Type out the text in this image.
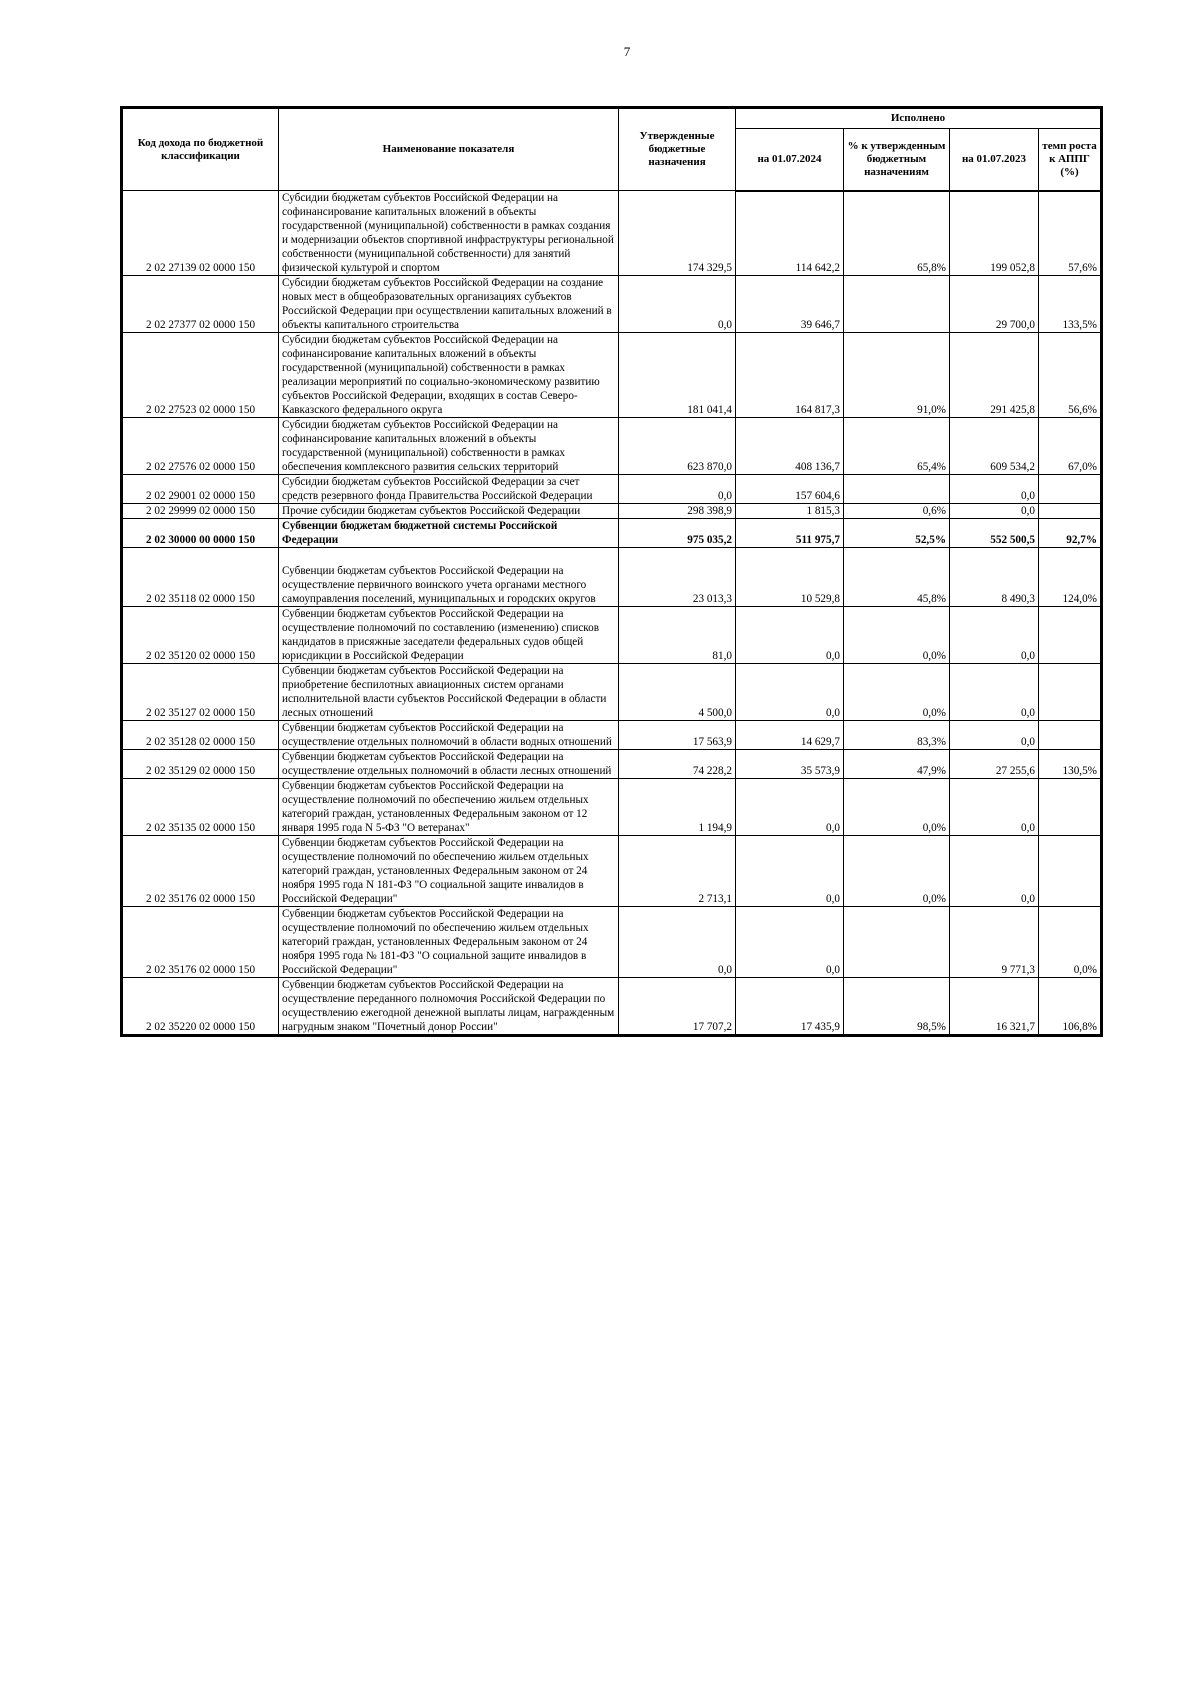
7
Код дохода по бюджетной классификации	Наименование показателя	Утвержденные бюджетные назначения	Исполнено			
			на 01.07.2024	% к утвержденным бюджетным назначениям	на 01.07.2023	темп роста к АППГ (%)
2 02 27139 02 0000 150	Субсидии бюджетам субъектов Российской Федерации на софинансирование капитальных вложений в объекты государственной (муниципальной) собственности в рамках создания и модернизации объектов спортивной инфраструктуры региональной собственности (муниципальной собственности) для занятий физической культурой и спортом	174 329,5	114 642,2	65,8%	199 052,8	57,6%
2 02 27377 02 0000 150	Субсидии бюджетам субъектов Российской Федерации на создание новых мест в общеобразовательных организациях субъектов Российской Федерации при осуществлении капитальных вложений в объекты капитального строительства	0,0	39 646,7		29 700,0	133,5%
2 02 27523 02 0000 150	Субсидии бюджетам субъектов Российской Федерации на софинансирование капитальных вложений в объекты государственной (муниципальной) собственности в рамках реализации мероприятий по социально-экономическому развитию субъектов Российской Федерации, входящих в состав Северо-Кавказского федерального округа	181 041,4	164 817,3	91,0%	291 425,8	56,6%
2 02 27576 02 0000 150	Субсидии бюджетам субъектов Российской Федерации на софинансирование капитальных вложений в объекты государственной (муниципальной) собственности в рамках обеспечения комплексного развития сельских территорий	623 870,0	408 136,7	65,4%	609 534,2	67,0%
2 02 29001 02 0000 150	Субсидии бюджетам субъектов Российской Федерации за счет средств резервного фонда Правительства Российской Федерации	0,0	157 604,6		0,0	
2 02 29999 02 0000 150	Прочие субсидии бюджетам субъектов Российской Федерации	298 398,9	1 815,3	0,6%	0,0	
2 02 30000 00 0000 150	Субвенции бюджетам бюджетной системы Российской Федерации	975 035,2	511 975,7	52,5%	552 500,5	92,7%
2 02 35118 02 0000 150	Субвенции бюджетам субъектов Российской Федерации на осуществление первичного воинского учета органами местного самоуправления поселений, муниципальных и городских округов	23 013,3	10 529,8	45,8%	8 490,3	124,0%
2 02 35120 02 0000 150	Субвенции бюджетам субъектов Российской Федерации на осуществление полномочий по составлению (изменению) списков кандидатов в присяжные заседатели федеральных судов общей юрисдикции в Российской Федерации	81,0	0,0	0,0%	0,0	
2 02 35127 02 0000 150	Субвенции бюджетам субъектов Российской Федерации на приобретение беспилотных авиационных систем органами исполнительной власти субъектов Российской Федерации в области лесных отношений	4 500,0	0,0	0,0%	0,0	
2 02 35128 02 0000 150	Субвенции бюджетам субъектов Российской Федерации на осуществление отдельных полномочий в области водных отношений	17 563,9	14 629,7	83,3%	0,0	
2 02 35129 02 0000 150	Субвенции бюджетам субъектов Российской Федерации на осуществление отдельных полномочий в области лесных отношений	74 228,2	35 573,9	47,9%	27 255,6	130,5%
2 02 35135 02 0000 150	Субвенции бюджетам субъектов Российской Федерации на осуществление полномочий по обеспечению жильем отдельных категорий граждан, установленных Федеральным законом от 12 января 1995 года N 5-ФЗ "О ветеранах"	1 194,9	0,0	0,0%	0,0	
2 02 35176 02 0000 150	Субвенции бюджетам субъектов Российской Федерации на осуществление полномочий по обеспечению жильем отдельных категорий граждан, установленных Федеральным законом от 24 ноября 1995 года N 181-ФЗ "О социальной защите инвалидов в Российской Федерации"	2 713,1	0,0	0,0%	0,0	
2 02 35176 02 0000 150	Субвенции бюджетам субъектов Российской Федерации на осуществление полномочий по обеспечению жильем отдельных категорий граждан, установленных Федеральным законом от 24 ноября 1995 года № 181-ФЗ "О социальной защите инвалидов в Российской Федерации"	0,0	0,0		9 771,3	0,0%
2 02 35220 02 0000 150	Субвенции бюджетам субъектов Российской Федерации на осуществление переданного полномочия Российской Федерации по осуществлению ежегодной денежной выплаты лицам, награжденным нагрудным знаком "Почетный донор России"	17 707,2	17 435,9	98,5%	16 321,7	106,8%
